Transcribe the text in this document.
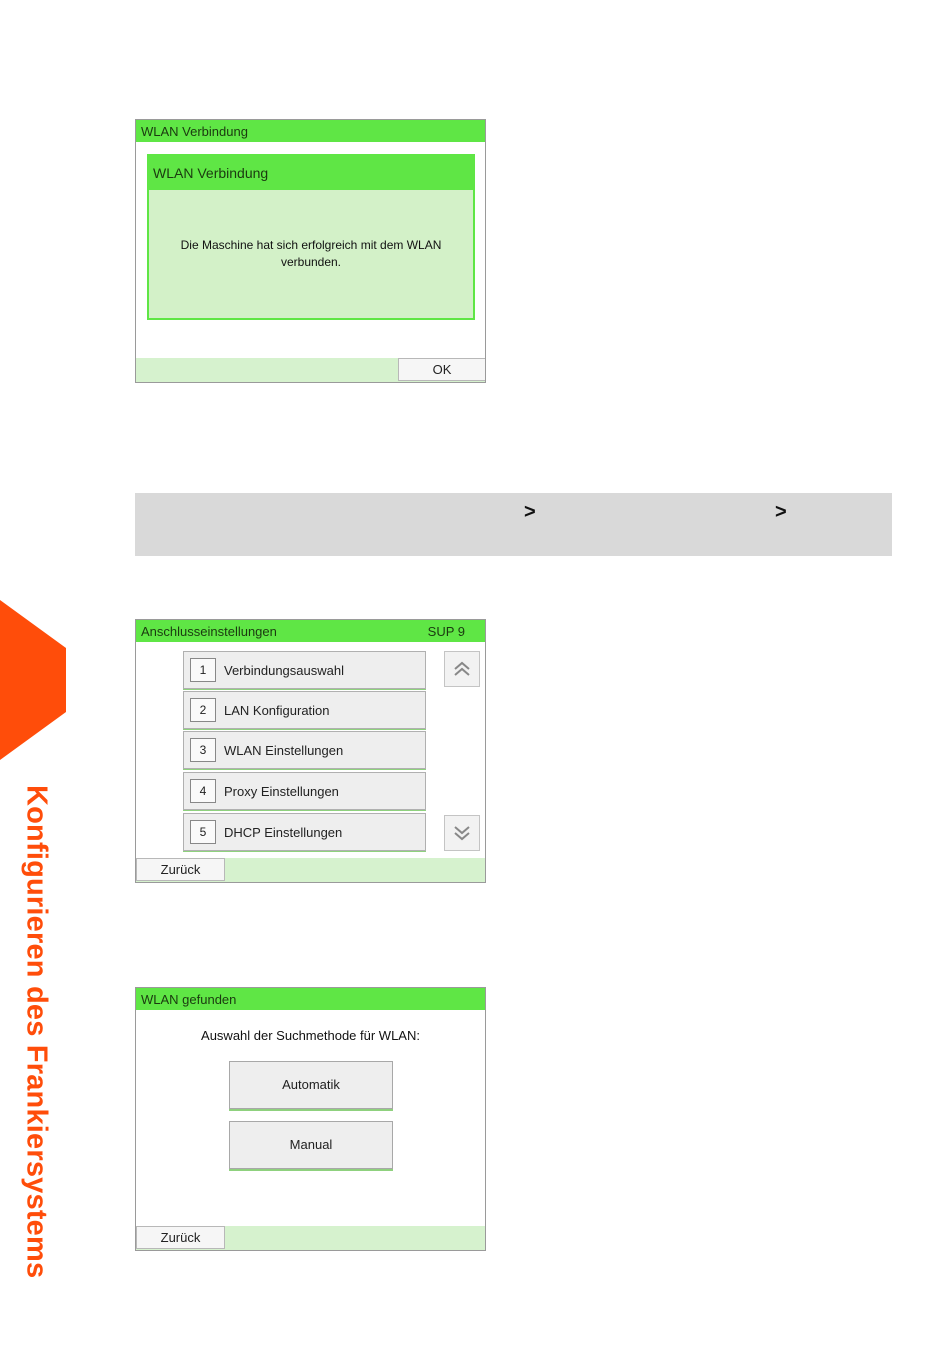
Konfigurieren des Frankiersystems
WLAN Verbindung
WLAN Verbindung
Die Maschine hat sich erfolgreich mit dem WLAN verbunden.
OK
>	>
Anschlusseinstellungen	SUP 9
1	Verbindungsauswahl
2	LAN Konfiguration
3	WLAN Einstellungen
4	Proxy Einstellungen
5	DHCP Einstellungen
Zurück
WLAN gefunden
Auswahl der Suchmethode für WLAN:
Automatik
Manual
Zurück
